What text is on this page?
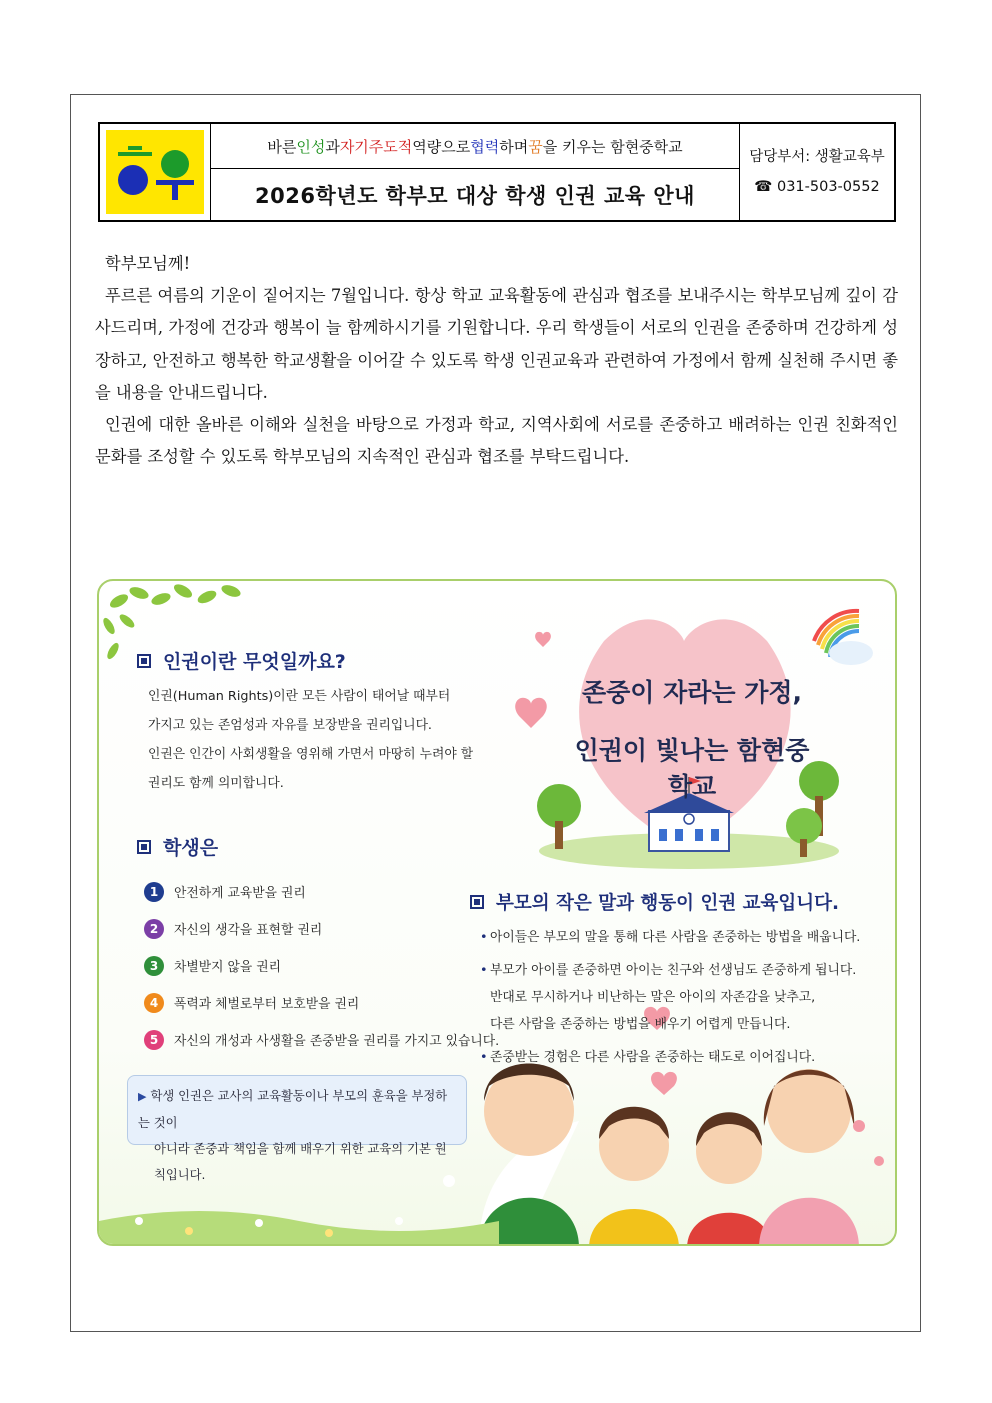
바른 인성 과 자기주도적 역량으로 협력 하며 꿈 을 키우는 함현중학교
2026학년도 학부모 대상 학생 인권 교육 안내
담당부서: 생활교육부
☎ 031-503-0552

학부모님께!

푸르른 여름의 기운이 짙어지는 7월입니다. 항상 학교 교육활동에 관심과 협조를 보내주시는 학부모님께 깊이 감사드리며, 가정에 건강과 행복이 늘 함께하시기를 기원합니다. 우리 학생들이 서로의 인권을 존중하며 건강하게 성장하고, 안전하고 행복한 학교생활을 이어갈 수 있도록 학생 인권교육과 관련하여 가정에서 함께 실천해 주시면 좋을 내용을 안내드립니다.

인권에 대한 올바른 이해와 실천을 바탕으로 가정과 학교, 지역사회에 서로를 존중하고 배려하는 인권 친화적인 문화를 조성할 수 있도록 학부모님의 지속적인 관심과 협조를 부탁드립니다.

인권이란 무엇일까요?
인권(Human Rights)이란 모든 사람이 태어날 때부터
가지고 있는 존엄성과 자유를 보장받을 권리입니다.
인권은 인간이 사회생활을 영위해 가면서 마땅히 누려야 할
권리도 함께 의미합니다.
학생은
1	안전하게 교육받을 권리
2	자신의 생각을 표현할 권리
3	차별받지 않을 권리
4	폭력과 체벌로부터 보호받을 권리
5	자신의 개성과 사생활을 존중받을 권리를 가지고 있습니다.
▶ 학생 인권은 교사의 교육활동이나 부모의 훈육을 부정하는 것이
아니라 존중과 책임을 함께 배우기 위한 교육의 기본 원칙입니다.
존중이 자라는 가정,
인권이 빛나는 함현중학교
부모의 작은 말과 행동이 인권 교육입니다.
• 아이들은 부모의 말을 통해 다른 사람을 존중하는 방법을 배웁니다.
• 부모가 아이를 존중하면 아이는 친구와 선생님도 존중하게 됩니다.
반대로 무시하거나 비난하는 말은 아이의 자존감을 낮추고,
다른 사람을 존중하는 방법을 배우기 어렵게 만듭니다.
• 존중받는 경험은 다른 사람을 존중하는 태도로 이어집니다.
